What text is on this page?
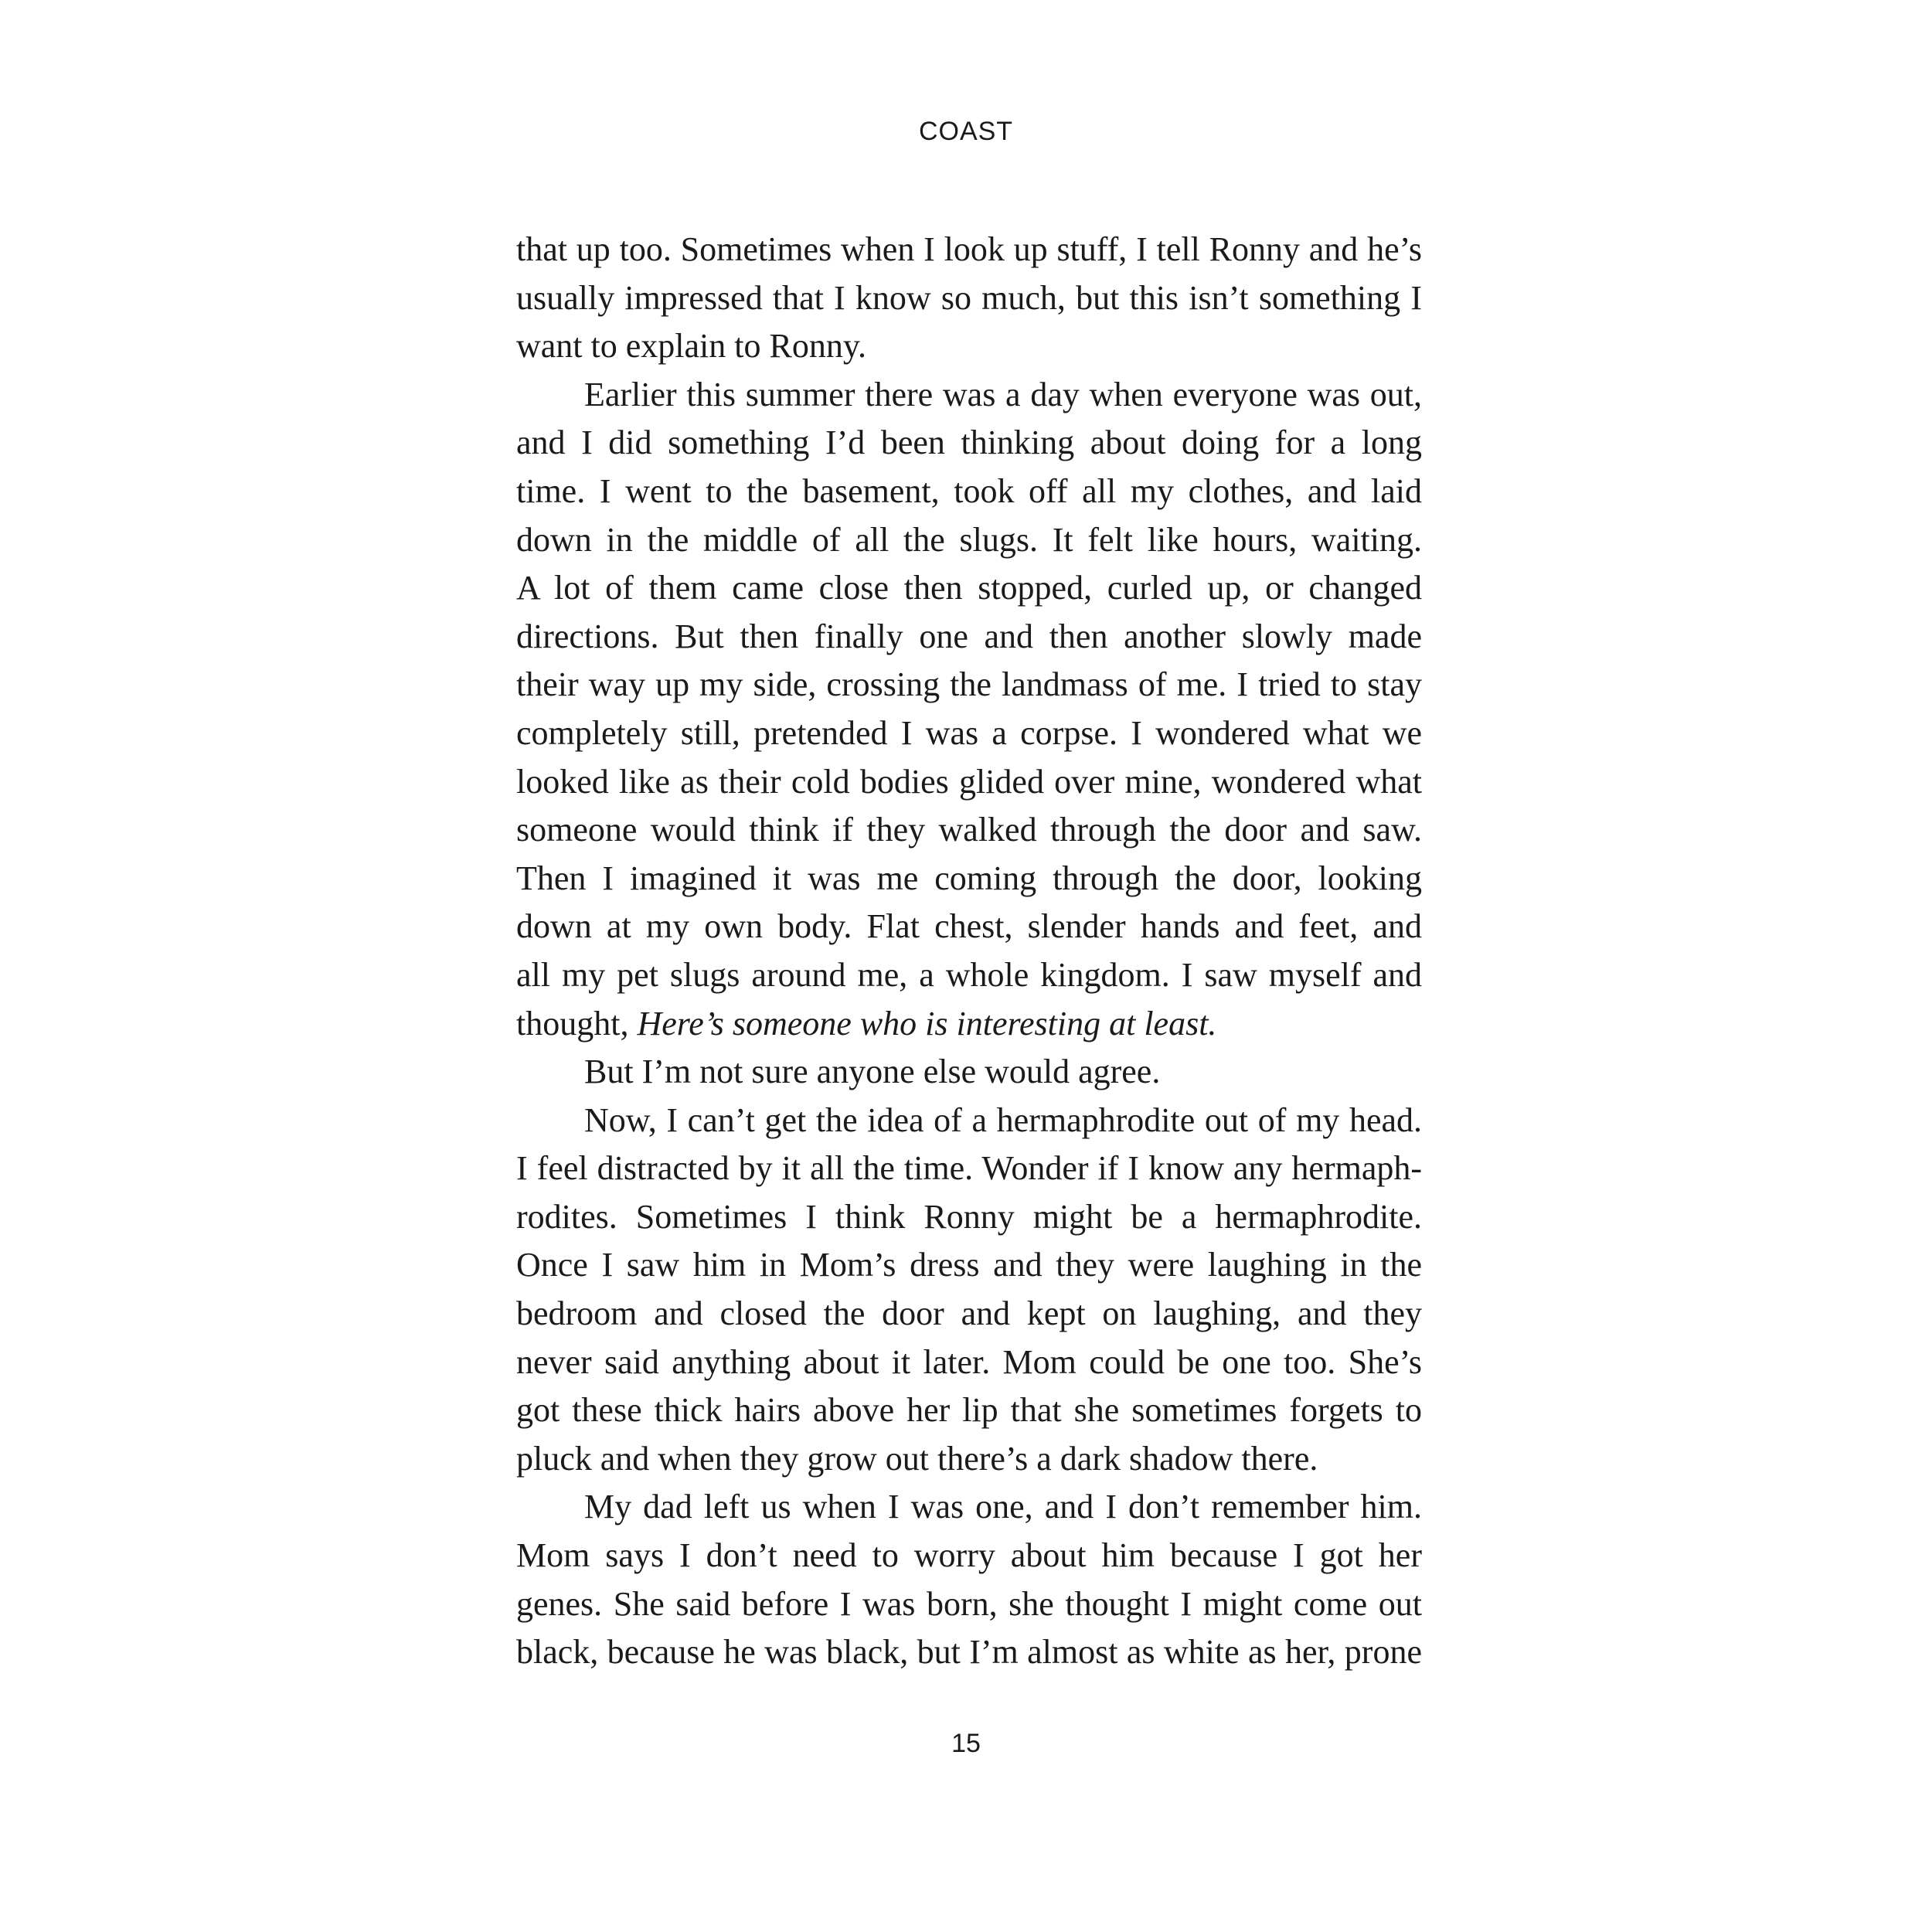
COAST

that up too. Sometimes when I look up stuff, I tell Ronny and he’s

usually impressed that I know so much, but this isn’t something I

want to explain to Ronny.

Earlier this summer there was a day when everyone was out,

and I did something I’d been thinking about doing for a long

time. I went to the basement, took off all my clothes, and laid

down in the middle of all the slugs. It felt like hours, waiting.

A lot of them came close then stopped, curled up, or changed

directions. But then finally one and then another slowly made

their way up my side, crossing the landmass of me. I tried to stay

completely still, pretended I was a corpse. I wondered what we

looked like as their cold bodies glided over mine, wondered what

someone would think if they walked through the door and saw.

Then I imagined it was me coming through the door, looking

down at my own body. Flat chest, slender hands and feet, and

all my pet slugs around me, a whole kingdom. I saw myself and

thought, Here’s someone who is interesting at least.

But I’m not sure anyone else would agree.

Now, I can’t get the idea of a hermaphrodite out of my head.

I feel distracted by it all the time. Wonder if I know any hermaph-

rodites. Sometimes I think Ronny might be a hermaphrodite.

Once I saw him in Mom’s dress and they were laughing in the

bedroom and closed the door and kept on laughing, and they

never said anything about it later. Mom could be one too. She’s

got these thick hairs above her lip that she sometimes forgets to

pluck and when they grow out there’s a dark shadow there.

My dad left us when I was one, and I don’t remember him.

Mom says I don’t need to worry about him because I got her

genes. She said before I was born, she thought I might come out

black, because he was black, but I’m almost as white as her, prone

15
